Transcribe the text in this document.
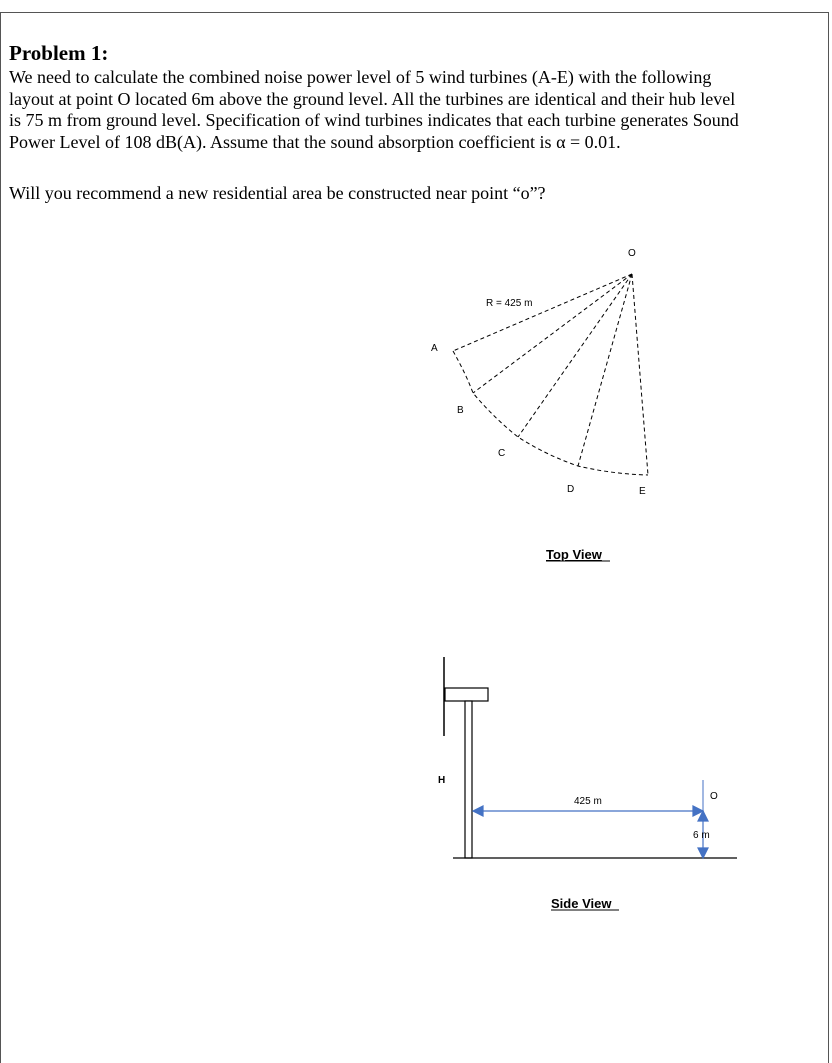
Problem 1:
We need to calculate the combined noise power level of 5 wind turbines (A-E) with the following
layout at point O located 6m above the ground level. All the turbines are identical and their hub level
is 75 m from ground level. Specification of wind turbines indicates that each turbine generates Sound
Power Level of 108 dB(A). Assume that the sound absorption coefficient is α = 0.01.
Will you recommend a new residential area be constructed near point “o”?
O
R = 425 m
A
B
C
D	E
Top View
H
425 m	O
6 m
Side View
